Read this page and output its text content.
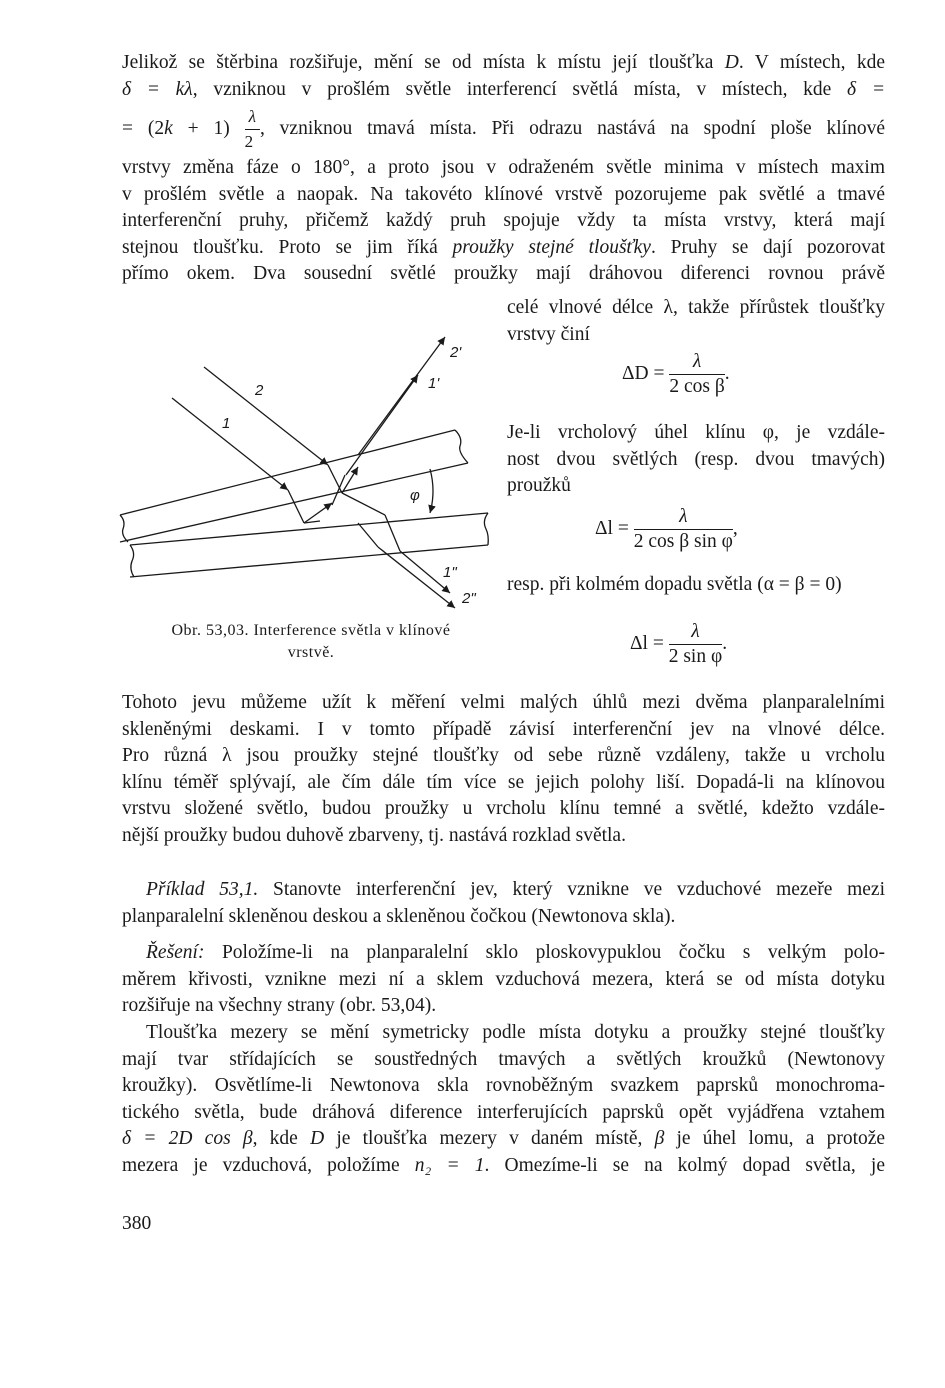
Jelikož se štěrbina rozšiřuje, mění se od místa k místu její tloušťka D. V místech, kde
δ = kλ, vzniknou v prošlém světle interferencí světlá místa, v místech, kde δ =
= $(2k + 1) \frac{\lambda}{2}$ , vzniknou tmavá místa. Při odrazu nastává na spodní ploše klínové
vrstvy změna fáze o 180°, a proto jsou v odraženém světle minima v místech maxim
v prošlém světle a naopak. Na takovéto klínové vrstvě pozorujeme pak světlé a tmavé
interferenční pruhy, přičemž každý pruh spojuje vždy ta místa vrstvy, která mají
stejnou tloušťku. Proto se jim říká proužky stejné tloušťky. Pruhy se dají pozorovat
přímo okem. Dva sousední světlé proužky mají dráhovou diferenci rovnou právě
celé vlnové délce λ, takže přírůstek tloušťky
vrstvy činí
$\Delta D = \frac{\lambda}{\text{2 cos β}}$ .
Je-li vrcholový úhel klínu φ, je vzdále-
nost dvou světlých (resp. dvou tmavých)
proužků
$\Delta l = \frac{\lambda}{\text{2 cos β sin φ}}$ ,
resp. při kolmém dopadu světla (α = β = 0)
$\Delta l = \frac{\lambda}{\text{2 sin φ}}$ .
1
2	1'
2'
1"
2"
φ
Obr. 53,03. Interference světla v klínové
vrstvě.
Tohoto jevu můžeme užít k měření velmi malých úhlů mezi dvěma planparalelními
skleněnými deskami. I v tomto případě závisí interferenční jev na vlnové délce.
Pro různá λ jsou proužky stejné tloušťky od sebe různě vzdáleny, takže u vrcholu
klínu téměř splývají, ale čím dále tím více se jejich polohy liší. Dopadá-li na klínovou
vrstvu složené světlo, budou proužky u vrcholu klínu temné a světlé, kdežto vzdále-
nější proužky budou duhově zbarveny, tj. nastává rozklad světla.
Příklad 53,1. Stanovte interferenční jev, který vznikne ve vzduchové mezeře mezi
planparalelní skleněnou deskou a skleněnou čočkou (Newtonova skla).
Řešení: Položíme-li na planparalelní sklo ploskovypuklou čočku s velkým polo-
měrem křivosti, vznikne mezi ní a sklem vzduchová mezera, která se od místa dotyku
rozšiřuje na všechny strany (obr. 53,04).
Tloušťka mezery se mění symetricky podle místa dotyku a proužky stejné tloušťky
mají tvar střídajících se soustředných tmavých a světlých kroužků (Newtonovy
kroužky). Osvětlíme-li Newtonova skla rovnoběžným svazkem paprsků monochroma-
tického světla, bude dráhová diference interferujících paprsků opět vyjádřena vztahem
δ = 2D cos β, kde D je tloušťka mezery v daném místě, β je úhel lomu, a protože
mezera je vzduchová, položíme n₂ = 1. Omezíme-li se na kolmý dopad světla, je
380
